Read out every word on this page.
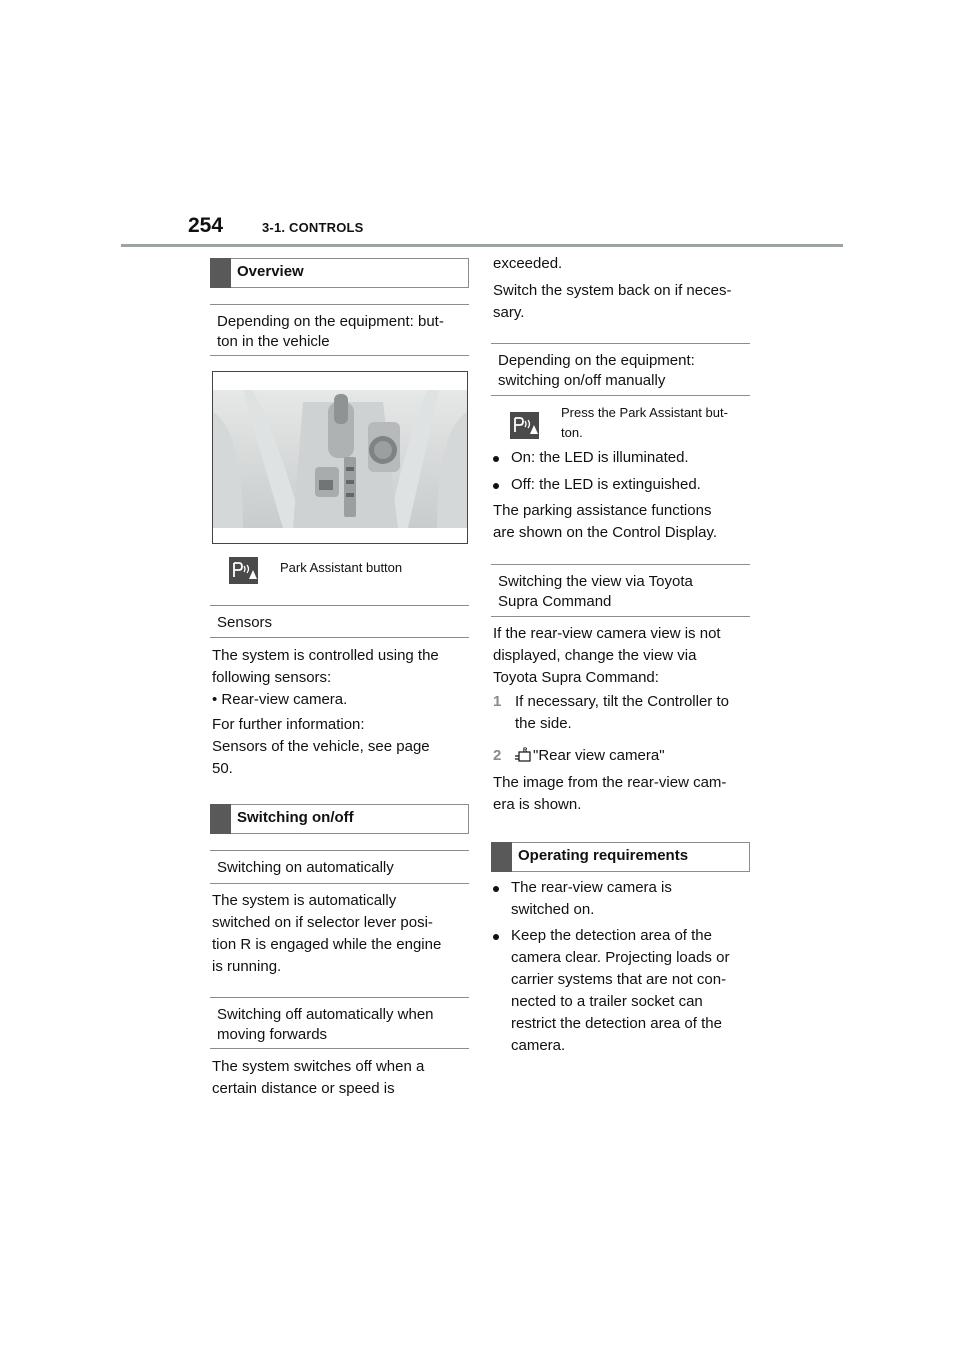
254	3-1. CONTROLS
Overview
Depending on the equipment: but-
ton in the vehicle
Park Assistant button
Sensors
The system is controlled using the
following sensors:
• Rear-view camera.
For further information:
Sensors of the vehicle, see page
50.
Switching on/off
Switching on automatically
The system is automatically
switched on if selector lever posi-
tion R is engaged while the engine
is running.
Switching off automatically when
moving forwards
The system switches off when a
certain distance or speed is
exceeded.
Switch the system back on if neces-
sary.
Depending on the equipment:
switching on/off manually
Press the Park Assistant but-
ton.
On: the LED is illuminated.
Off: the LED is extinguished.
The parking assistance functions
are shown on the Control Display.
Switching the view via Toyota
Supra Command
If the rear-view camera view is not
displayed, change the view via
Toyota Supra Command:
1 If necessary, tilt the Controller to
the side.
2	R "Rear view camera"
The image from the rear-view cam-
era is shown.
Operating requirements
The rear-view camera is
switched on.
Keep the detection area of the
camera clear. Projecting loads or
carrier systems that are not con-
nected to a trailer socket can
restrict the detection area of the
camera.
